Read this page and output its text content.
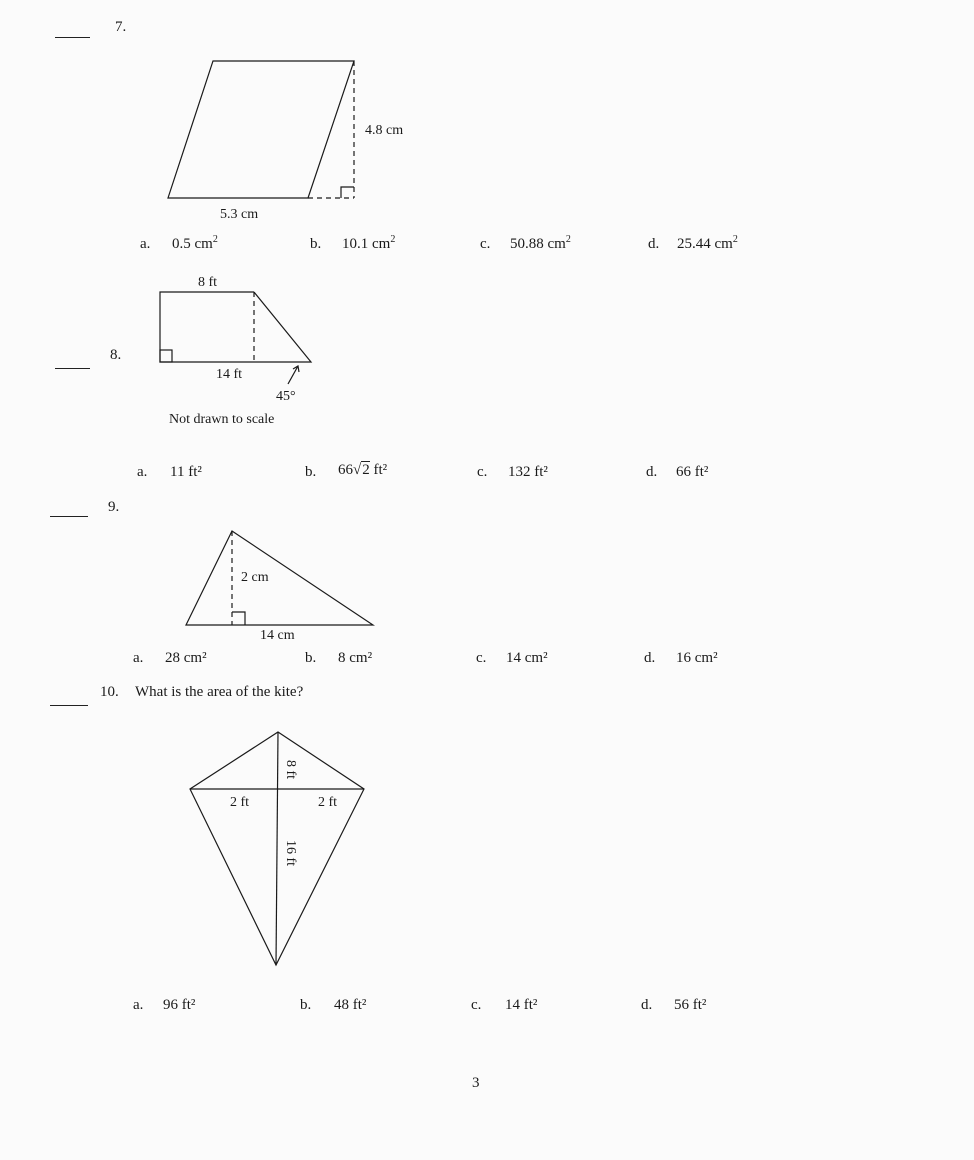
7.
4.8 cm
5.3 cm
a. 0.5 $cm^2$	b. 10.1 $cm^2$	c. 50.88 $cm^2$	d. 25.44 $cm^2$
8.
8 ft
14 ft
45°
Not drawn to scale
a. 11 ft²	b. 66√2 ft²	c. 132 ft²	d. 66 ft²
9.
2 cm
14 cm
a. 28 cm²	b. 8 cm²	c. 14 cm²	d. 16 cm²
10. What is the area of the kite?
8 ft
2 ft	2 ft
16 ft
a. 96 ft²	b. 48 ft²	c. 14 ft²	d. 56 ft²
3
